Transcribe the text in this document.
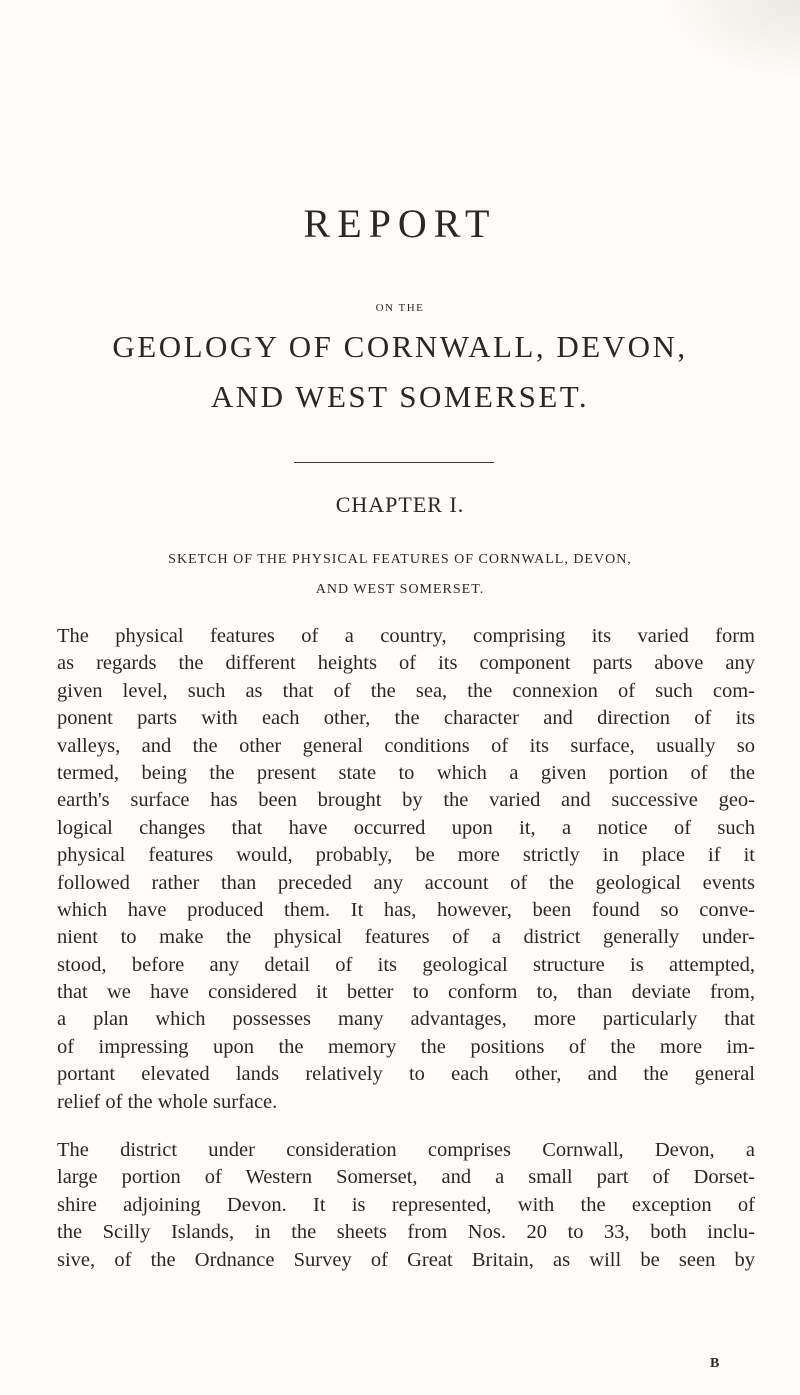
REPORT
ON THE
GEOLOGY OF CORNWALL, DEVON,
AND WEST SOMERSET.
CHAPTER I.
SKETCH OF THE PHYSICAL FEATURES OF CORNWALL, DEVON,
AND WEST SOMERSET.
The physical features of a country, comprising its varied form
as regards the different heights of its component parts above any
given level, such as that of the sea, the connexion of such com-
ponent parts with each other, the character and direction of its
valleys, and the other general conditions of its surface, usually so
termed, being the present state to which a given portion of the
earth's surface has been brought by the varied and successive geo-
logical changes that have occurred upon it, a notice of such
physical features would, probably, be more strictly in place if it
followed rather than preceded any account of the geological events
which have produced them. It has, however, been found so conve-
nient to make the physical features of a district generally under-
stood, before any detail of its geological structure is attempted,
that we have considered it better to conform to, than deviate from,
a plan which possesses many advantages, more particularly that
of impressing upon the memory the positions of the more im-
portant elevated lands relatively to each other, and the general
relief of the whole surface.
The district under consideration comprises Cornwall, Devon, a
large portion of Western Somerset, and a small part of Dorset-
shire adjoining Devon. It is represented, with the exception of
the Scilly Islands, in the sheets from Nos. 20 to 33, both inclu-
sive, of the Ordnance Survey of Great Britain, as will be seen by
B
